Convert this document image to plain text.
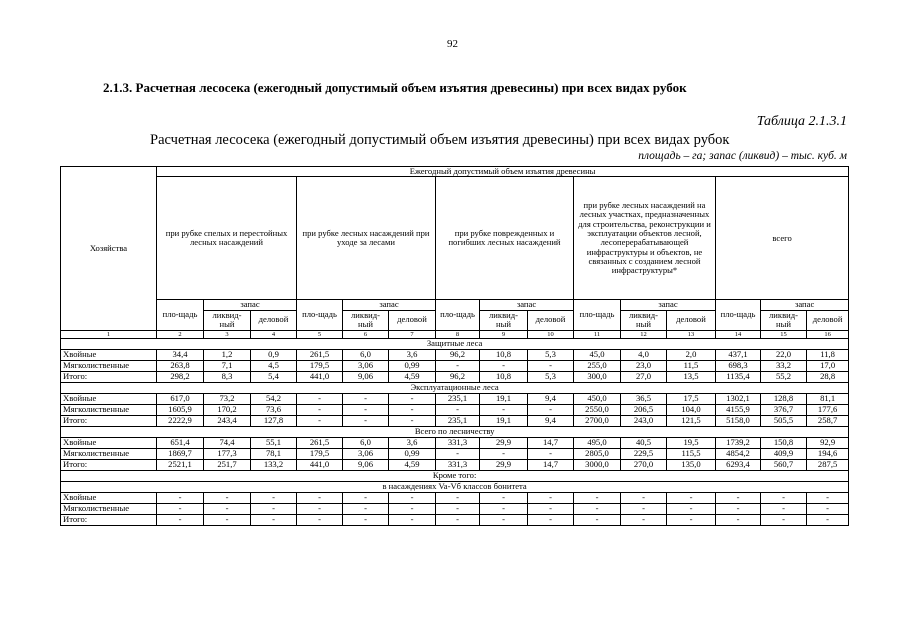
92
2.1.3. Расчетная лесосека (ежегодный допустимый объем изъятия древесины) при всех видах рубок
Таблица 2.1.3.1
Расчетная лесосека (ежегодный допустимый объем изъятия древесины) при всех видах рубок
площадь – га; запас (ликвид) – тыс. куб. м
Хозяйства	Ежегодный допустимый объем изъятия древесины														
	при рубке спелых и перестойных лесных насаждений			при рубке лесных насаждений при уходе за лесами			при рубке поврежденных и погибших лесных насаждений			при рубке лесных насаждений на лесных участках, предназначенных для строительства, реконструкции и эксплуатации объектов лесной, лесоперерабатывающей инфраструктуры и объектов, не связанных с созданием лесной инфраструктуры*			всего		
	пло-щадь	запас		пло-щадь	запас		пло-щадь	запас		пло-щадь	запас		пло-щадь	запас	
		ликвид-ный	деловой		ликвид-ный	деловой		ликвид-ный	деловой		ликвид-ный	деловой		ликвид-ный	деловой
1	2	3	4	5	6	7	8	9	10	11	12	13	14	15	16
Защитные леса															
Хвойные	34,4	1,2	0,9	261,5	6,0	3,6	96,2	10,8	5,3	45,0	4,0	2,0	437,1	22,0	11,8
Мягколиственные	263,8	7,1	4,5	179,5	3,06	0,99	-	-	-	255,0	23,0	11,5	698,3	33,2	17,0
Итого:	298,2	8,3	5,4	441,0	9,06	4,59	96,2	10,8	5,3	300,0	27,0	13,5	1135,4	55,2	28,8
Эксплуатационные леса															
Хвойные	617,0	73,2	54,2	-	-	-	235,1	19,1	9,4	450,0	36,5	17,5	1302,1	128,8	81,1
Мягколиственные	1605,9	170,2	73,6	-	-	-	-	-	-	2550,0	206,5	104,0	4155,9	376,7	177,6
Итого:	2222,9	243,4	127,8	-	-	-	235,1	19,1	9,4	2700,0	243,0	121,5	5158,0	505,5	258,7
Всего по лесничеству															
Хвойные	651,4	74,4	55,1	261,5	6,0	3,6	331,3	29,9	14,7	495,0	40,5	19,5	1739,2	150,8	92,9
Мягколиственные	1869,7	177,3	78,1	179,5	3,06	0,99	-	-	-	2805,0	229,5	115,5	4854,2	409,9	194,6
Итого:	2521,1	251,7	133,2	441,0	9,06	4,59	331,3	29,9	14,7	3000,0	270,0	135,0	6293,4	560,7	287,5
Кроме того:															
в насаждениях Va-Vб классов бонитета															
Хвойные	-	-	-	-	-	-	-	-	-	-	-	-	-	-	-
Мягколиственные	-	-	-	-	-	-	-	-	-	-	-	-	-	-	-
Итого:	-	-	-	-	-	-	-	-	-	-	-	-	-	-	-
